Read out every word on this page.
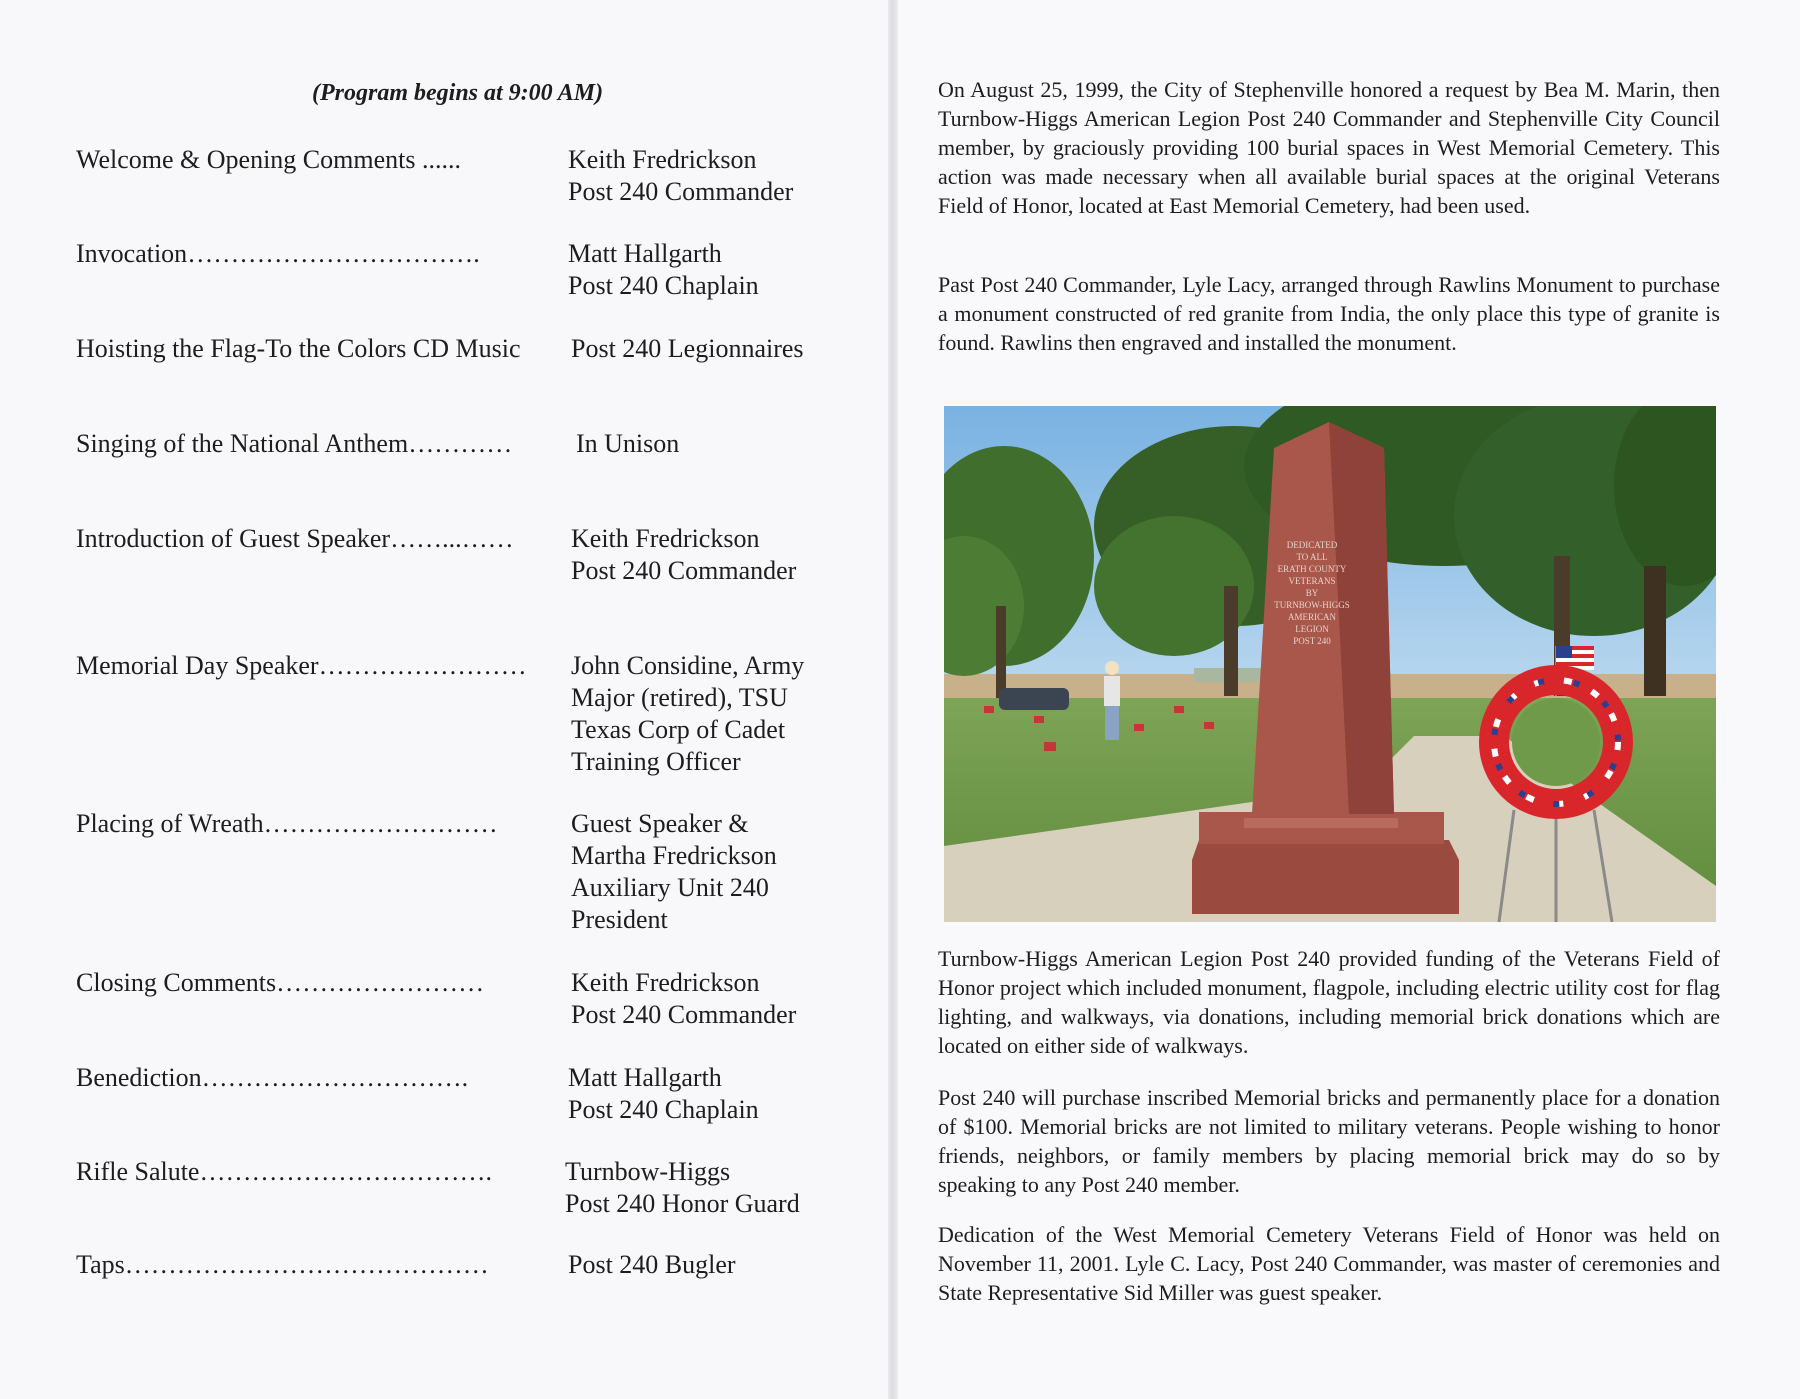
(Program begins at 9:00 AM)
Welcome & Opening Comments ......	Keith Fredrickson
Post 240 Commander
Invocation…………………………….	Matt Hallgarth
Post 240 Chaplain
Hoisting the Flag-To the Colors CD Music	Post 240 Legionnaires
Singing of the National Anthem…………	In Unison
Introduction of Guest Speaker……...……	Keith Fredrickson
Post 240 Commander
Memorial Day Speaker……………………	John Considine, Army
Major (retired), TSU
Texas Corp of Cadet
Training Officer
Placing of Wreath………………………	Guest Speaker &
Martha Fredrickson
Auxiliary Unit 240
President
Closing Comments……………………	Keith Fredrickson
Post 240 Commander
Benediction………………………….	Matt Hallgarth
Post 240 Chaplain
Rifle Salute…………………………….	Turnbow-Higgs
Post 240 Honor Guard
Taps……………………………………	Post 240 Bugler
On August 25, 1999, the City of Stephenville honored a request by Bea M. Marin, then Turnbow-Higgs American Legion Post 240 Commander and Stephenville City Council member, by graciously providing 100 burial spaces in West Memorial Cemetery. This action was made necessary when all available burial spaces at the original Veterans Field of Honor, located at East Memorial Cemetery, had been used.
Past Post 240 Commander, Lyle Lacy, arranged through Rawlins Monument to purchase a monument constructed of red granite from India, the only place this type of granite is found. Rawlins then engraved and installed the monument.
DEDICATED
TO ALL
ERATH COUNTY
VETERANS
BY
TURNBOW-HIGGS
AMERICAN
LEGION
POST 240
Turnbow-Higgs American Legion Post 240 provided funding of the Veterans Field of Honor project which included monument, flagpole, including electric utility cost for flag lighting, and walkways, via donations, including memorial brick donations which are located on either side of walkways.
Post 240 will purchase inscribed Memorial bricks and permanently place for a donation of $100. Memorial bricks are not limited to military veterans. People wishing to honor friends, neighbors, or family members by placing memorial brick may do so by speaking to any Post 240 member.
Dedication of the West Memorial Cemetery Veterans Field of Honor was held on November 11, 2001. Lyle C. Lacy, Post 240 Commander, was master of ceremonies and State Representative Sid Miller was guest speaker.
